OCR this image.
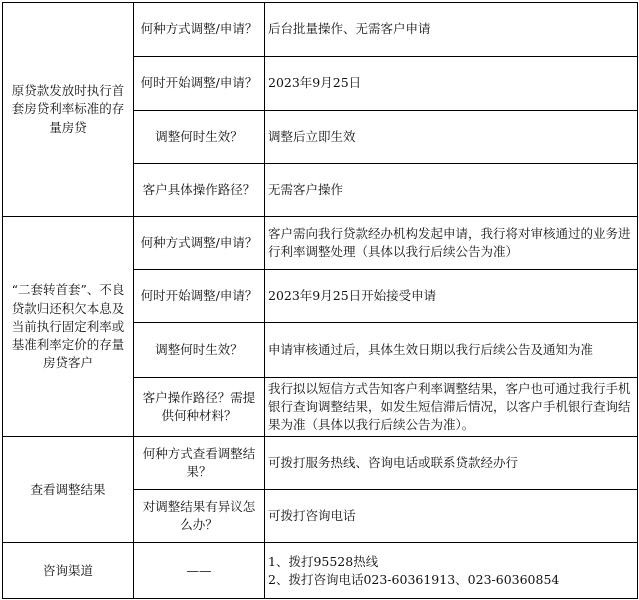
原贷款发放时执行首套房贷利率标准的存量房贷	何种方式调整/申请？	后台批量操作、无需客户申请
	何时开始调整/申请？	2023年9月25日
	调整何时生效？	调整后立即生效
	客户具体操作路径？	无需客户操作
“二套转首套”、不良贷款归还积欠本息及当前执行固定利率或基准利率定价的存量房贷客户	何种方式调整/申请？	客户需向我行贷款经办机构发起申请，我行将对审核通过的业务进行利率调整处理（具体以我行后续公告为准）
	何时开始调整/申请？	2023年9月25日开始接受申请
	调整何时生效？	申请审核通过后，具体生效日期以我行后续公告及通知为准
	客户操作路径？需提供何种材料？	我行拟以短信方式告知客户利率调整结果，客户也可通过我行手机银行查询调整结果，如发生短信滞后情况，以客户手机银行查询结果为准（具体以我行后续公告为准）。
查看调整结果	何种方式查看调整结果？	可拨打服务热线、咨询电话或联系贷款经办行
	对调整结果有异议怎么办？	可拨打咨询电话
咨询渠道	——	1、拨打95528热线
2、拨打咨询电话023-60361913、023-60360854
